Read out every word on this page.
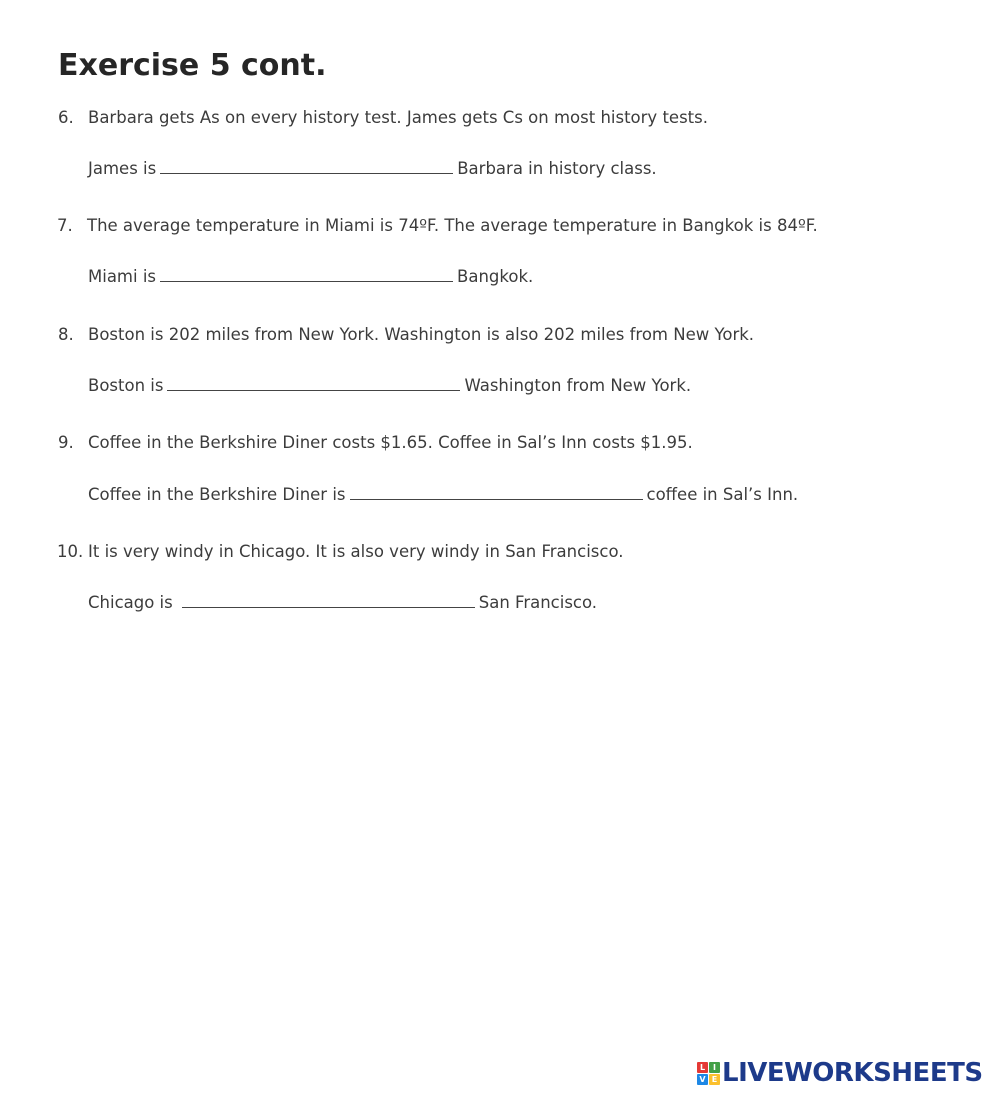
Exercise 5 cont.
6. Barbara gets As on every history test. James gets Cs on most history tests.
James is	Barbara in history class.
7. The average temperature in Miami is 74ºF. The average temperature in Bangkok is 84ºF.
Miami is	Bangkok.
8. Boston is 202 miles from New York. Washington is also 202 miles from New York.
Boston is	Washington from New York.
9. Coffee in the Berkshire Diner costs $1.65. Coffee in Sal’s Inn costs $1.95.
Coffee in the Berkshire Diner is	coffee in Sal’s Inn.
10. It is very windy in Chicago. It is also very windy in San Francisco.
Chicago is	San Francisco.
L I
V E LIVEWORKSHEETS
